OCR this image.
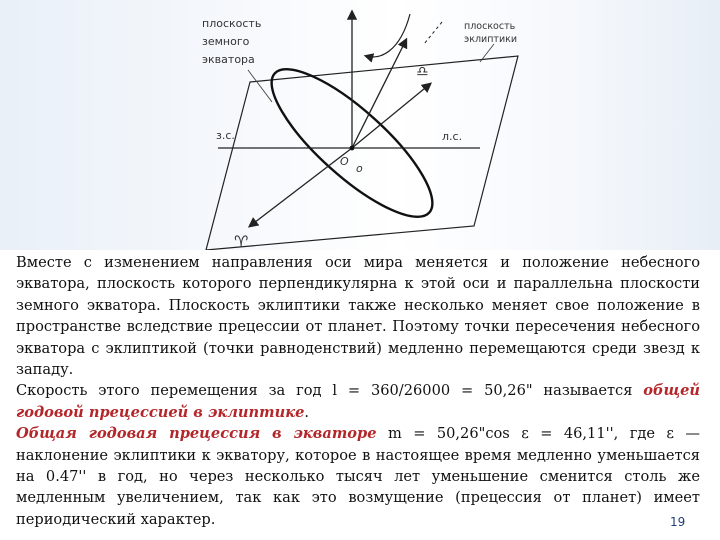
плоскость
земного
экватора
плоскость
эклиптики
з.с.	л.с.
O
o
♎
♈

Вместе с изменением направления оси мира меняется и положение небесного экватора, плоскость которого перпендикулярна к этой оси и параллельна плоскости земного экватора. Плоскость эклиптики также несколько меняет свое положение в пространстве вследствие прецессии от планет. Поэтому точки пересечения небесного экватора с эклиптикой (точки равноденствий) медленно перемещаются среди звезд к западу.

Скорость этого перемещения за год l = 360/26000 = 50,26" называется общей годовой прецессией в эклиптике.

Общая годовая прецессия в экваторе m = 50,26"cos ε = 46,11'', где ε — наклонение эклиптики к экватору, которое в настоящее время медленно уменьшается на 0.47'' в год, но через несколько тысяч лет уменьшение сменится столь же медленным увеличением, так как это возмущение (прецессия от планет) имеет периодический характер.	19
